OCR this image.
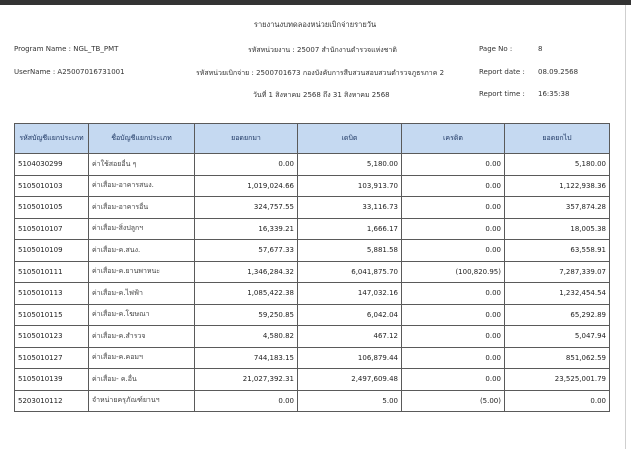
รายงานงบทดลองหน่วยเบิกจ่ายรายวัน
Program Name : NGL_TB_PMT	รหัสหน่วยงาน : 25007 สำนักงานตำรวจแห่งชาติ	Page No :	8
UserName : A25007016731001	รหัสหน่วยเบิกจ่าย : 2500701673 กองบังคับการสืบสวนสอบสวนตำรวจภูธรภาค 2	Report date : 08.09.2568
วันที่ 1 สิงหาคม 2568 ถึง 31 สิงหาคม 2568	Report time : 16:35:38
รหัสบัญชีแยกประเภท	ชื่อบัญชีแยกประเภท	ยอดยกมา	เดบิต	เครดิต	ยอดยกไป
5104030299	ค่าใช้สอยอื่น ๆ	0.00	5,180.00	0.00	5,180.00
5105010103	ค่าเสื่อม-อาคารสนง.	1,019,024.66	103,913.70	0.00	1,122,938.36
5105010105	ค่าเสื่อม-อาคารอื่น	324,757.55	33,116.73	0.00	357,874.28
5105010107	ค่าเสื่อม-สิ่งปลูกฯ	16,339.21	1,666.17	0.00	18,005.38
5105010109	ค่าเสื่อม-ค.สนง.	57,677.33	5,881.58	0.00	63,558.91
5105010111	ค่าเสื่อม-ค.ยานพาหนะ	1,346,284.32	6,041,875.70	(100,820.95)	7,287,339.07
5105010113	ค่าเสื่อม-ค.ไฟฟ้า	1,085,422.38	147,032.16	0.00	1,232,454.54
5105010115	ค่าเสื่อม-ค.โฆษณา	59,250.85	6,042.04	0.00	65,292.89
5105010123	ค่าเสื่อม-ค.สำรวจ	4,580.82	467.12	0.00	5,047.94
5105010127	ค่าเสื่อม-ค.คอมฯ	744,183.15	106,879.44	0.00	851,062.59
5105010139	ค่าเสื่อม- ค.อื่น	21,027,392.31	2,497,609.48	0.00	23,525,001.79
5203010112	จำหน่ายครุภัณฑ์ยานฯ	0.00	5.00	(5.00)	0.00
